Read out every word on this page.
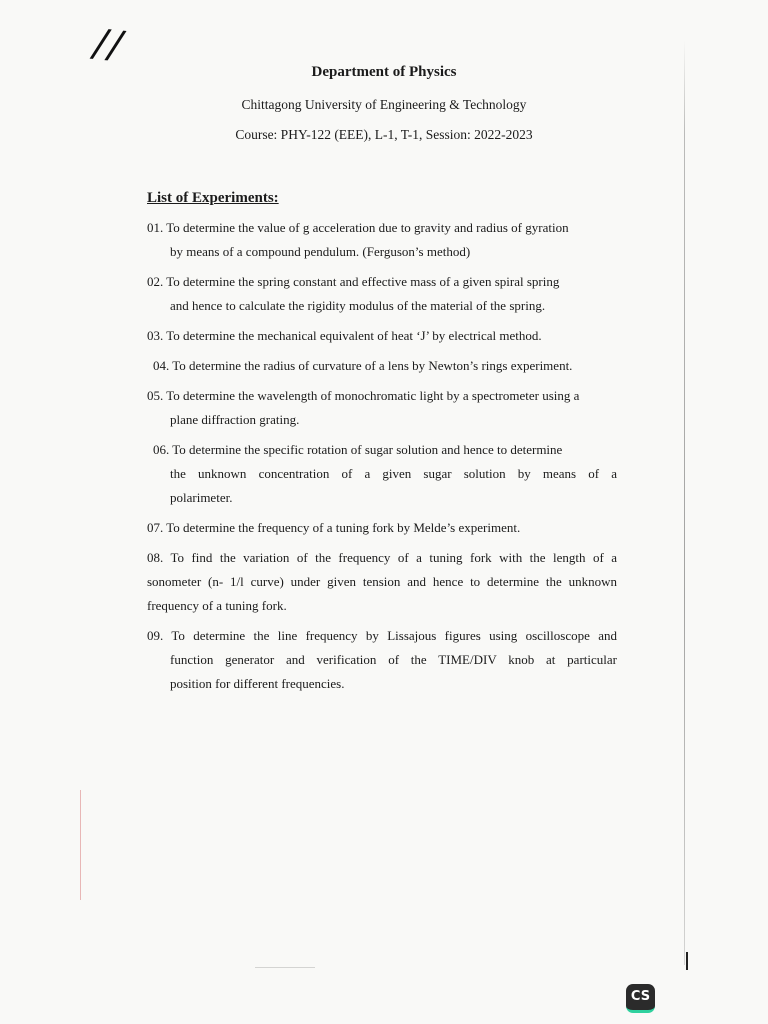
//

Department of Physics

Chittagong University of Engineering & Technology

Course: PHY-122 (EEE), L-1, T-1, Session: 2022-2023

List of Experiments:
01. To determine the value of g acceleration due to gravity and radius of gyration
by means of a compound pendulum. (Ferguson’s method)
02. To determine the spring constant and effective mass of a given spiral spring
and hence to calculate the rigidity modulus of the material of the spring.
03. To determine the mechanical equivalent of heat ‘J’ by electrical method.
04. To determine the radius of curvature of a lens by Newton’s rings experiment.
05. To determine the wavelength of monochromatic light by a spectrometer using a
plane diffraction grating.
06. To determine the specific rotation of sugar solution and hence to determine
the unknown concentration of a given sugar solution by means of a
polarimeter.
07. To determine the frequency of a tuning fork by Melde’s experiment.
08. To find the variation of the frequency of a tuning fork with the length of a
sonometer (n- 1/l curve) under given tension and hence to determine the unknown
frequency of a tuning fork.
09. To determine the line frequency by Lissajous figures using oscilloscope and
function generator and verification of the TIME/DIV knob at particular
position for different frequencies.
CS
